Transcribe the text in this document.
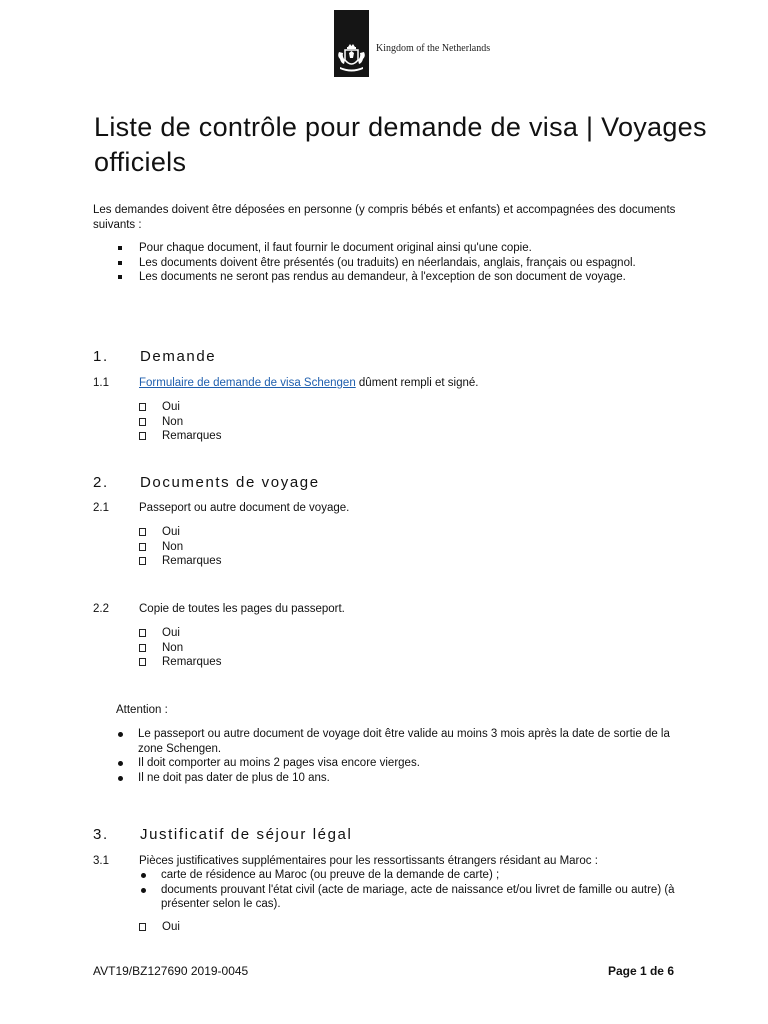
Kingdom of the Netherlands
Liste de contrôle pour demande de visa | Voyages officiels
Les demandes doivent être déposées en personne (y compris bébés et enfants) et accompagnées des documents suivants :
Pour chaque document, il faut fournir le document original ainsi qu'une copie.
Les documents doivent être présentés (ou traduits) en néerlandais, anglais, français ou espagnol.
Les documents ne seront pas rendus au demandeur, à l'exception de son document de voyage.
1. Demande
1.1	Formulaire de demande de visa Schengen dûment rempli et signé.
Oui
Non
Remarques
2. Documents de voyage
2.1	Passeport ou autre document de voyage.
Oui
Non
Remarques
2.2	Copie de toutes les pages du passeport.
Oui
Non
Remarques
Attention :
Le passeport ou autre document de voyage doit être valide au moins 3 mois après la date de sortie de la zone Schengen.
Il doit comporter au moins 2 pages visa encore vierges.
Il ne doit pas dater de plus de 10 ans.
3. Justificatif de séjour légal
3.1	Pièces justificatives supplémentaires pour les ressortissants étrangers résidant au Maroc :
carte de résidence au Maroc (ou preuve de la demande de carte) ;
documents prouvant l'état civil (acte de mariage, acte de naissance et/ou livret de famille ou autre) (à présenter selon le cas).
Oui
AVT19/BZ127690 2019-0045	Page 1 de 6
